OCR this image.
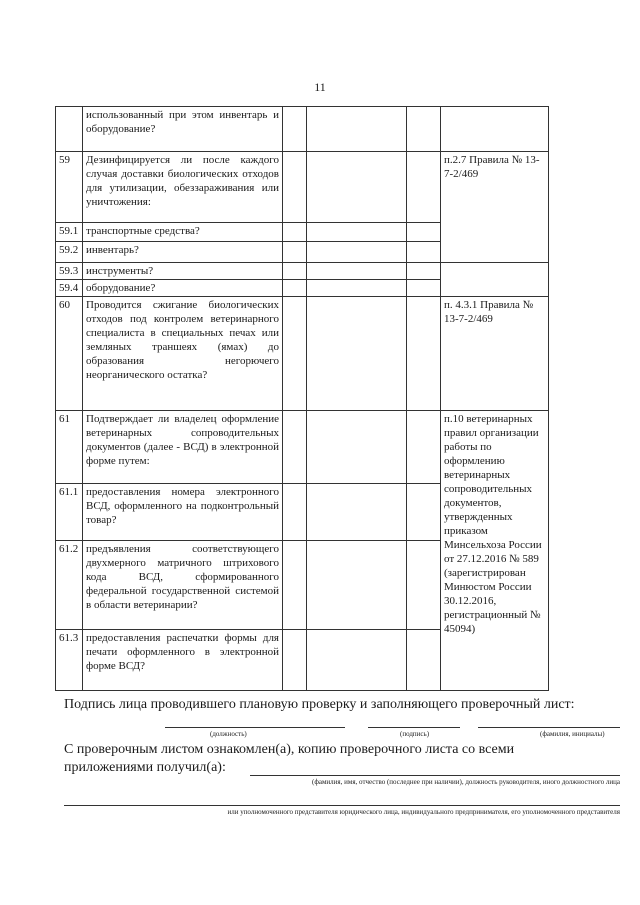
11
	использованный при этом инвентарь и оборудование?				
59	Дезинфицируется ли после каждого случая доставки биологических отходов для утилизации, обеззараживания или уничтожения:				п.2.7 Правила № 13-7-2/469
59.1	транспортные средства?				
59.2	инвентарь?				
59.3	инструменты?				
59.4	оборудование?				
60	Проводится сжигание биологических отходов под контролем ветеринарного специалиста в специальных печах или земляных траншеях (ямах) до образования негорючего неорганического остатка?				п. 4.3.1 Правила № 13-7-2/469
61	Подтверждает ли владелец оформление ветеринарных сопроводительных документов (далее - ВСД) в электронной форме путем:				п.10 ветеринарных правил организации работы по оформлению ветеринарных сопроводительных документов, утвержденных приказом Минсельхоза России от 27.12.2016 № 589 (зарегистрирован Минюстом России 30.12.2016, регистрационный № 45094)
61.1	предоставления номера электронного ВСД, оформленного на подконтрольный товар?				
61.2	предъявления соответствующего двухмерного матричного штрихового кода ВСД, сформированного федеральной государственной системой в области ветеринарии?				
61.3	предоставления распечатки формы для печати оформленного в электронной форме ВСД?				

Подпись лица проводившего плановую проверку и заполняющего проверочный лист:

(должность)	(подпись)	(фамилия, инициалы)

С проверочным листом ознакомлен(а), копию проверочного листа со всеми
приложениями получил(а):

(фамилия, имя, отчество (последнее при наличии), должность руководителя, иного должностного лица
или уполномоченного представителя юридического лица, индивидуального предпринимателя, его уполномоченного представителя
